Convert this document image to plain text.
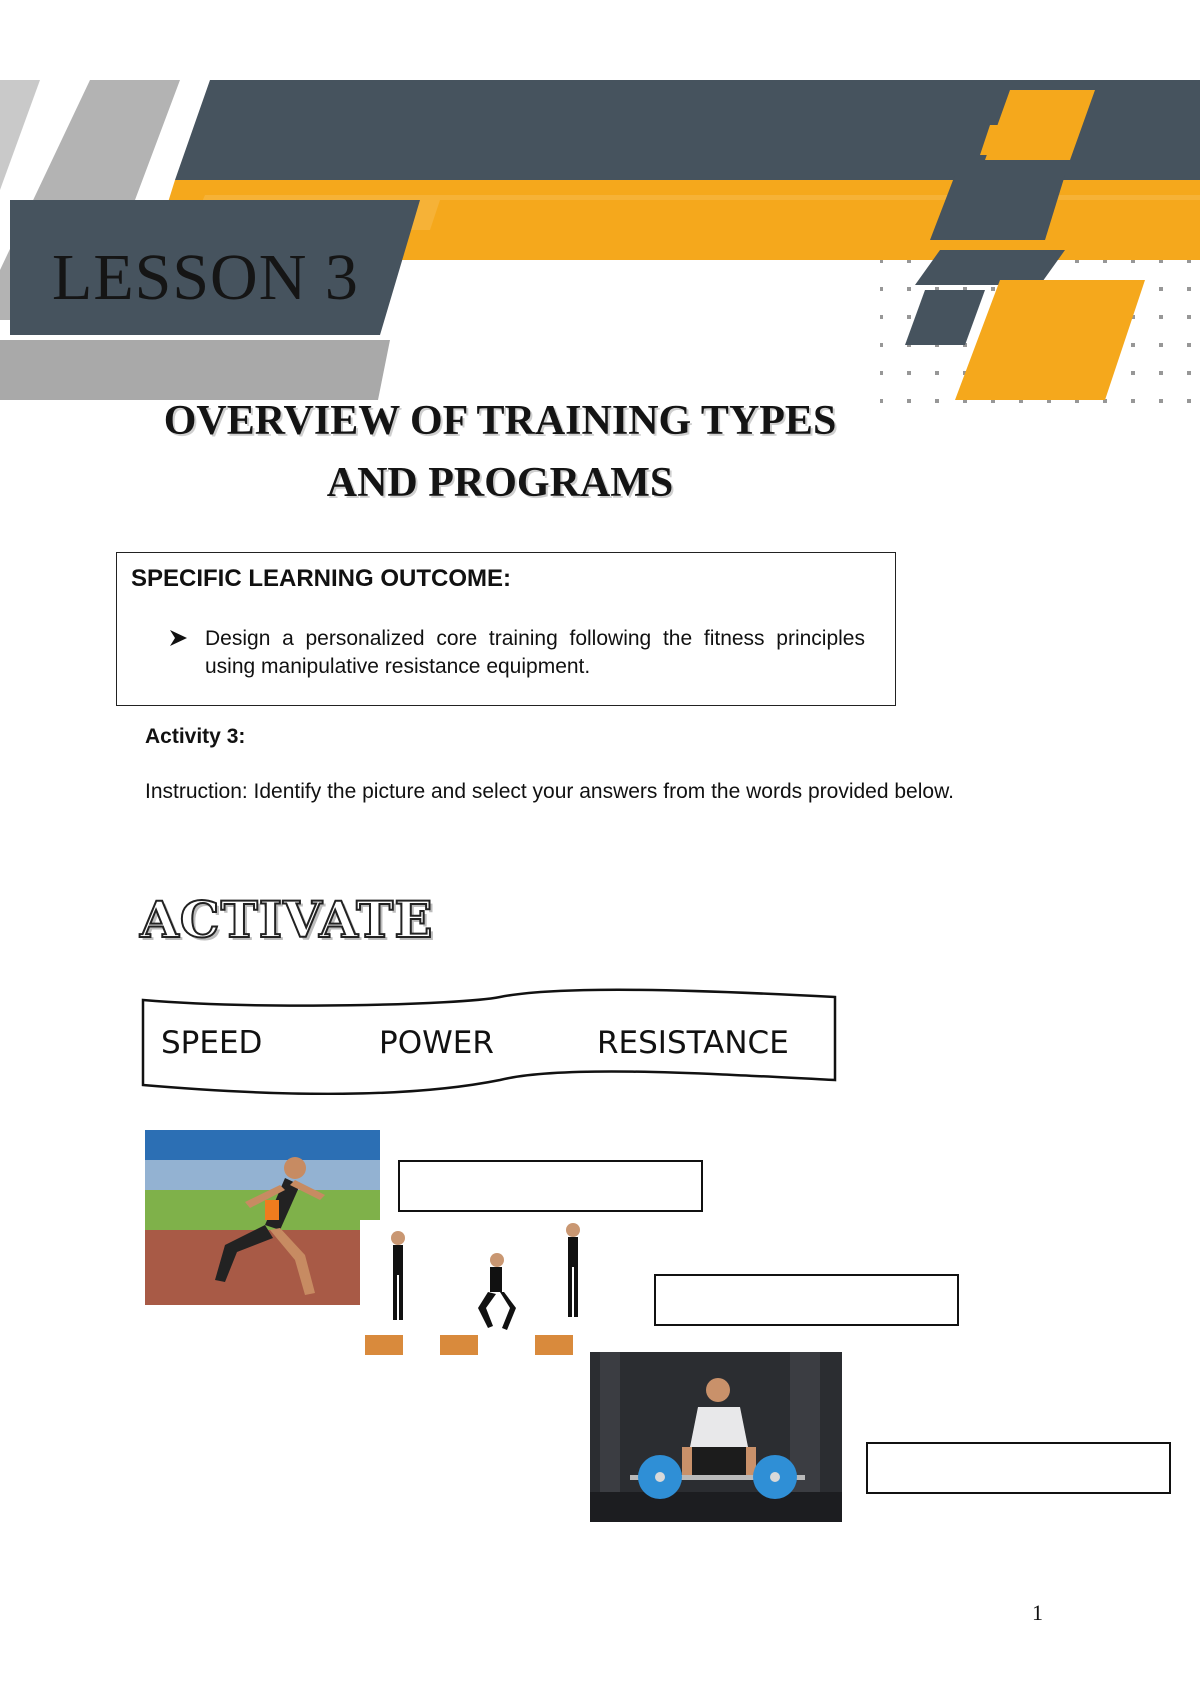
LESSON 3
OVERVIEW OF TRAINING TYPES
AND PROGRAMS
SPECIFIC LEARNING OUTCOME:
Design a personalized core training following the fitness principles using manipulative resistance equipment.
Activity 3:
Instruction: Identify the picture and select your answers from the words provided below.
ACTIVATE
SPEED	POWER	RESISTANCE
1
